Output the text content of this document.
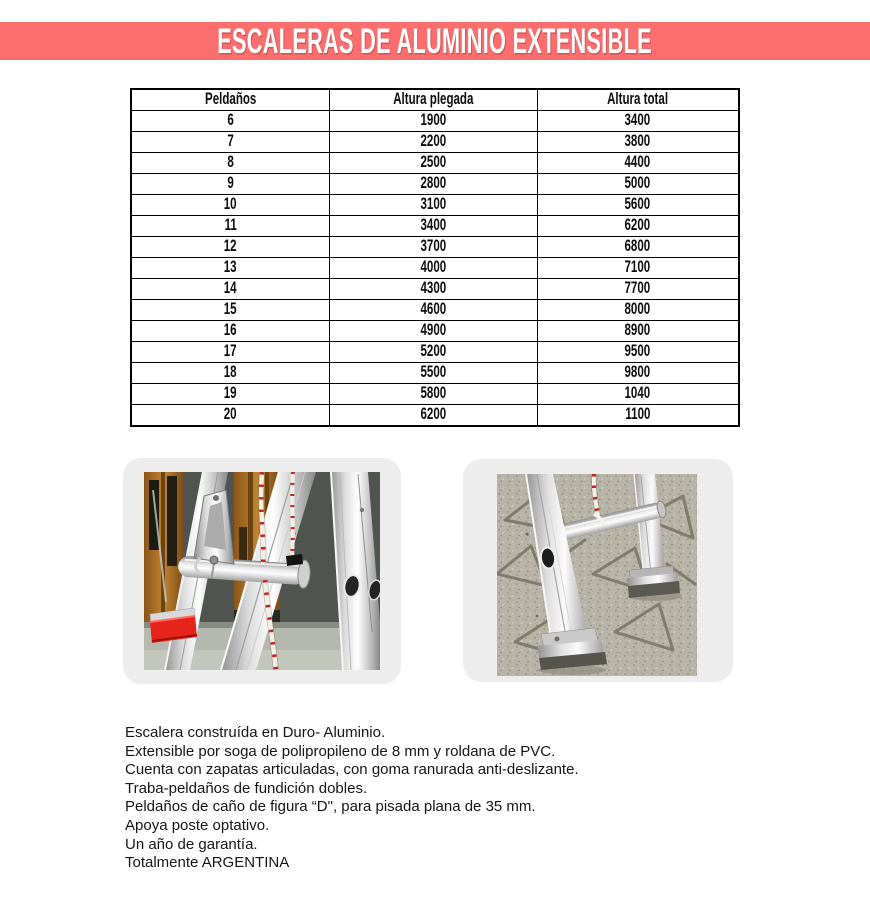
ESCALERAS DE ALUMINIO EXTENSIBLE
Peldaños	Altura plegada	Altura total
6	1900	3400
7	2200	3800
8	2500	4400
9	2800	5000
10	3100	5600
11	3400	6200
12	3700	6800
13	4000	7100
14	4300	7700
15	4600	8000
16	4900	8900
17	5200	9500
18	5500	9800
19	5800	1040
20	6200	1100
Escalera construída en Duro- Aluminio.
Extensible por soga de polipropileno de 8 mm y roldana de PVC.
Cuenta con zapatas articuladas, con goma ranurada anti-deslizante.
Traba-peldaños de fundición dobles.
Peldaños de caño de figura “D", para pisada plana de 35 mm.
Apoya poste optativo.
Un año de garantía.
Totalmente ARGENTINA
